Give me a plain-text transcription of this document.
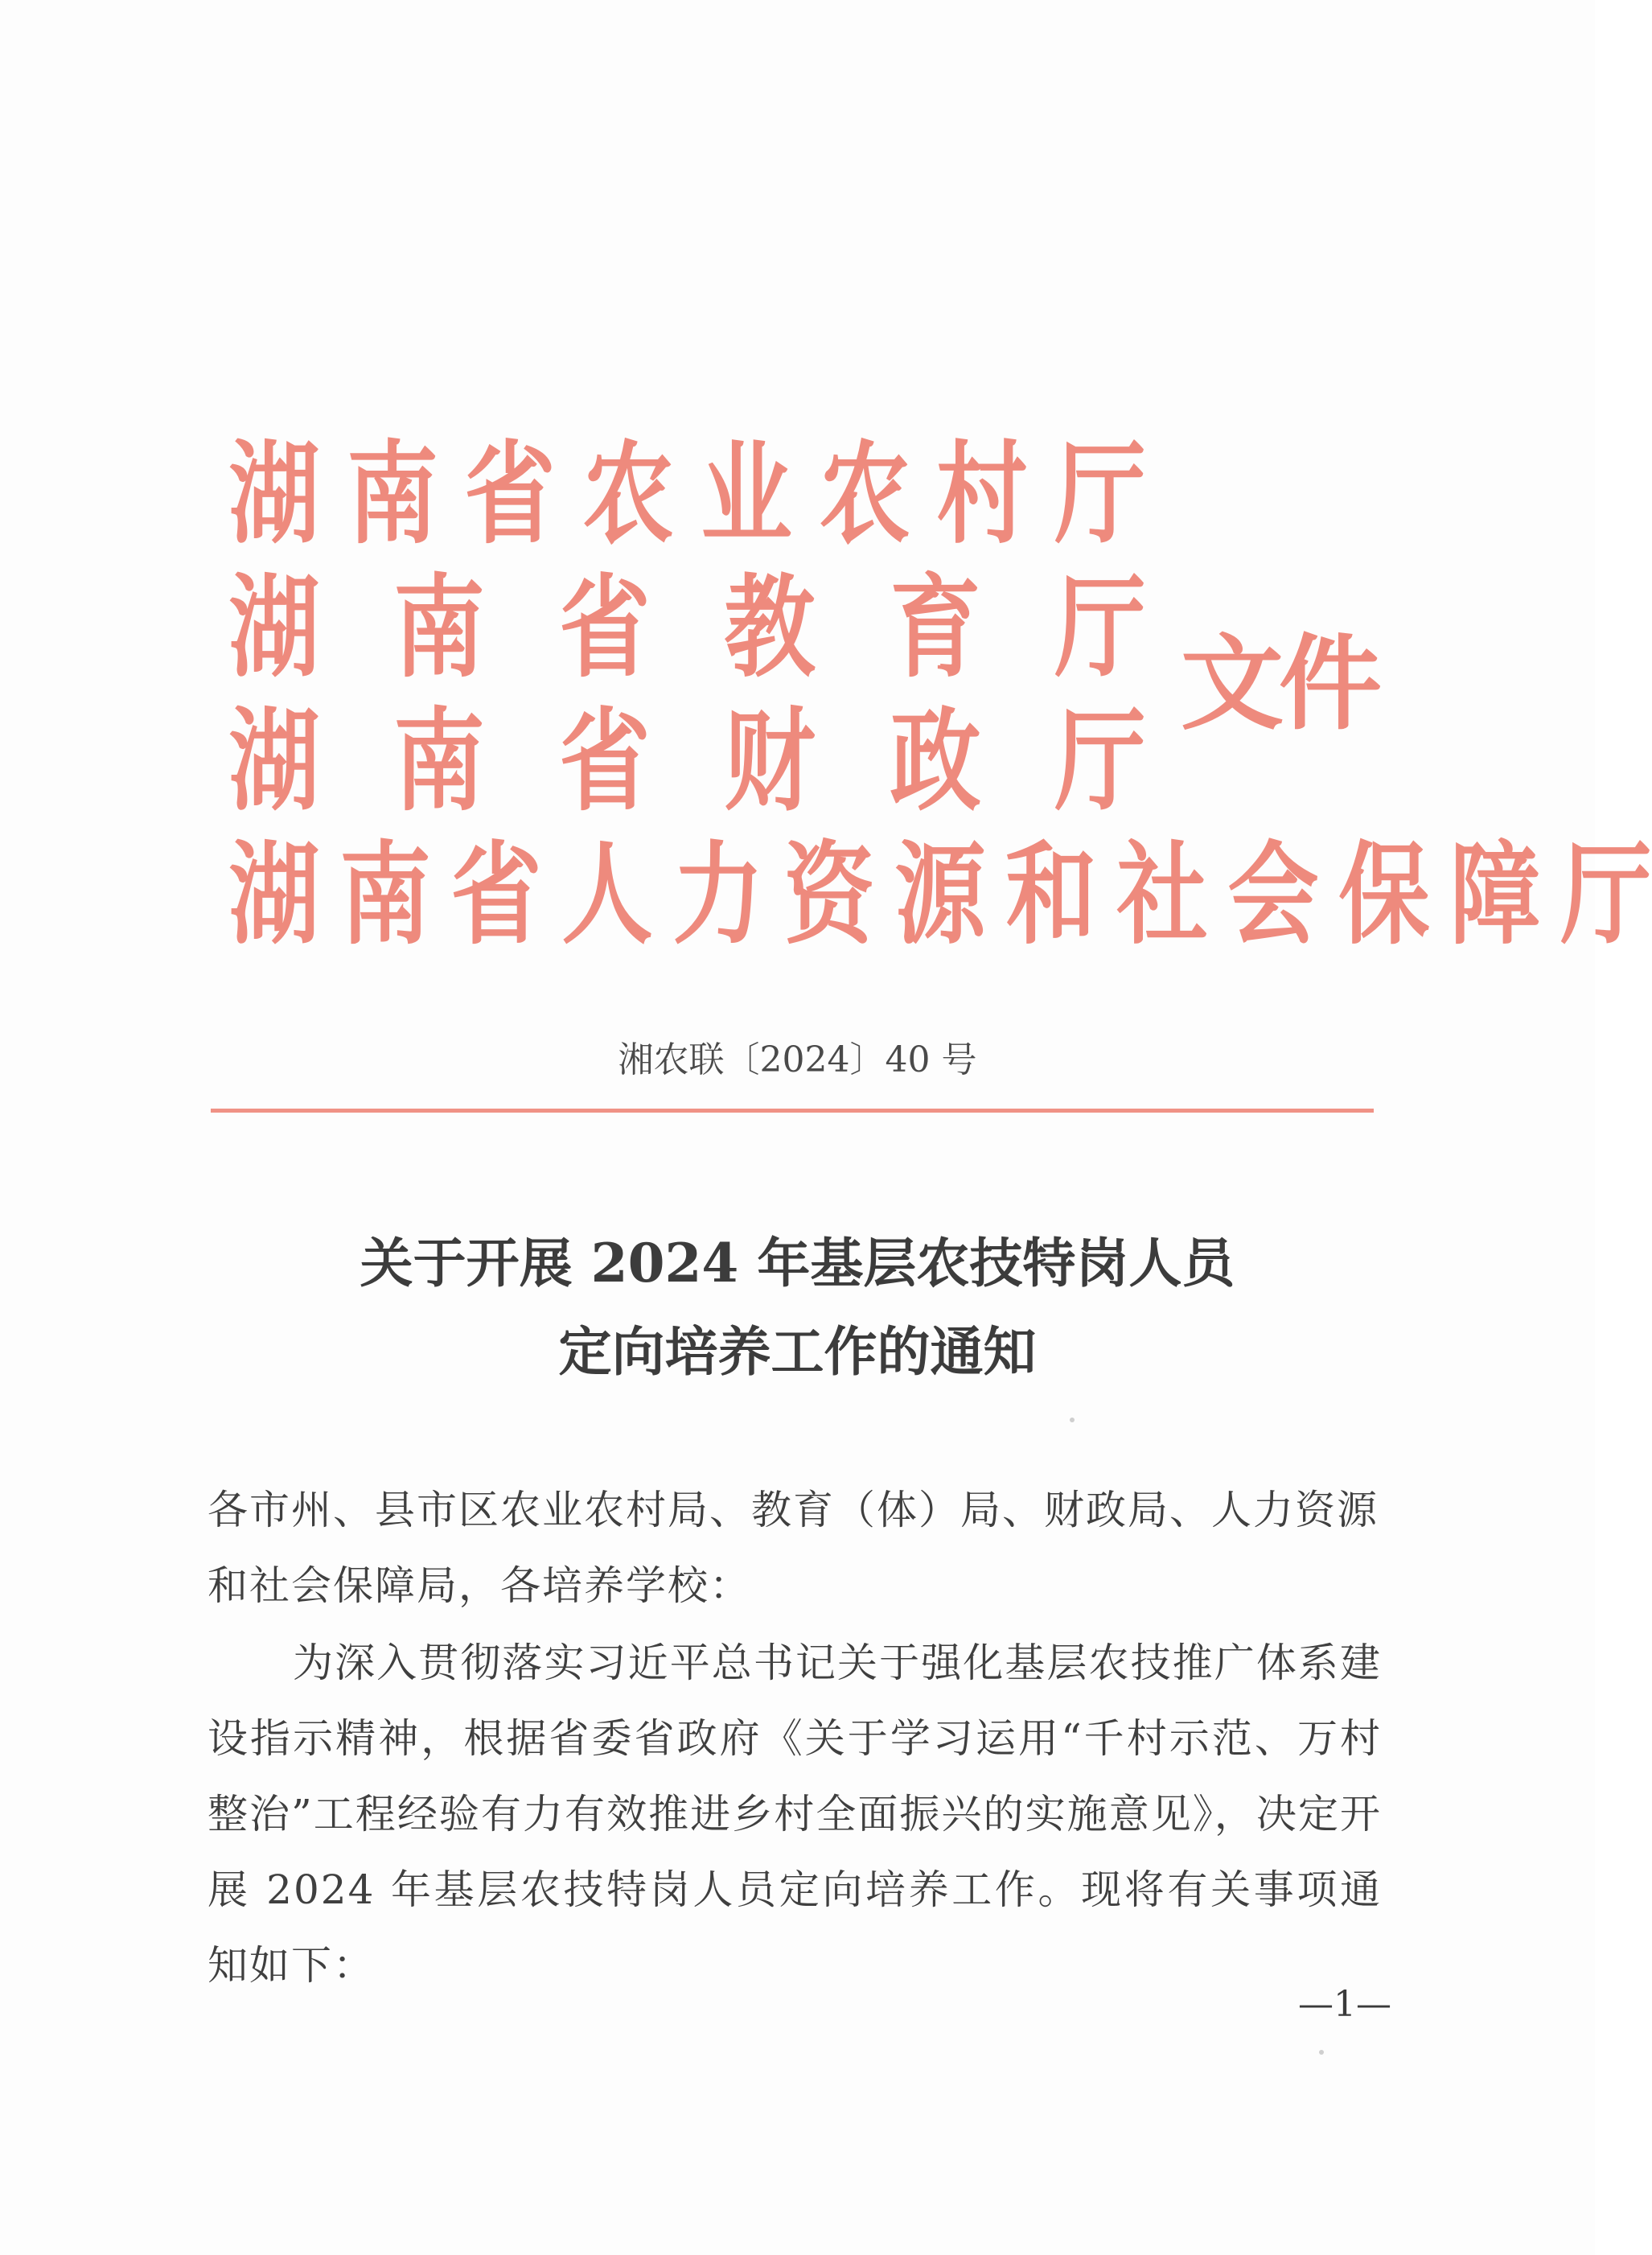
湖 南 省 农 业 农 村 厅
湖 南 省 教 育 厅
湖 南 省 财 政 厅
湖 南 省 人 力 资 源 和 社 会 保 障 厅
文件
湘农联〔2024〕40 号
关于开展 2024 年基层农技特岗人员
定向培养工作的通知
各市州、县市区农业农村局、教育（体）局、财政局、人力资源和社会保障局，各培养学校：
为深入贯彻落实习近平总书记关于强化基层农技推广体系建设指示精神，根据省委省政府《关于学习运用“千村示范、万村整治”工程经验有力有效推进乡村全面振兴的实施意见》，决定开展 2024 年基层农技特岗人员定向培养工作。现将有关事项通知如下：
—1—
